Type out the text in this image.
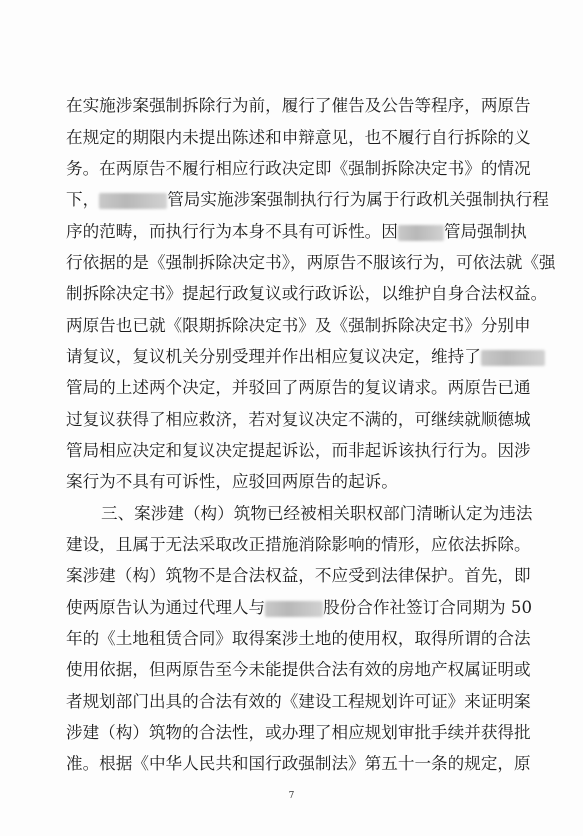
在实施涉案强制拆除行为前，履行了催告及公告等程序，两原告
在规定的期限内未提出陈述和申辩意见，也不履行自行拆除的义
务。在两原告不履行相应行政决定即《强制拆除决定书》的情况
下，	管局实施涉案强制执行行为属于行政机关强制执行程
序的范畴，而执行行为本身不具有可诉性。因	管局强制执
行依据的是《强制拆除决定书》，两原告不服该行为，可依法就《强
制拆除决定书》提起行政复议或行政诉讼，以维护自身合法权益。
两原告也已就《限期拆除决定书》及《强制拆除决定书》分别申
请复议，复议机关分别受理并作出相应复议决定，维持了
管局的上述两个决定，并驳回了两原告的复议请求。两原告已通
过复议获得了相应救济，若对复议决定不满的，可继续就顺德城
管局相应决定和复议决定提起诉讼，而非起诉该执行行为。因涉
案行为不具有可诉性，应驳回两原告的起诉。
三、案涉建（构）筑物已经被相关职权部门清晰认定为违法
建设，且属于无法采取改正措施消除影响的情形，应依法拆除。
案涉建（构）筑物不是合法权益，不应受到法律保护。首先，即
使两原告认为通过代理人与	股份合作社签订合同期为 50
年的《土地租赁合同》取得案涉土地的使用权，取得所谓的合法
使用依据，但两原告至今未能提供合法有效的房地产权属证明或
者规划部门出具的合法有效的《建设工程规划许可证》来证明案
涉建（构）筑物的合法性，或办理了相应规划审批手续并获得批
准。根据《中华人民共和国行政强制法》第五十一条的规定，原
7
